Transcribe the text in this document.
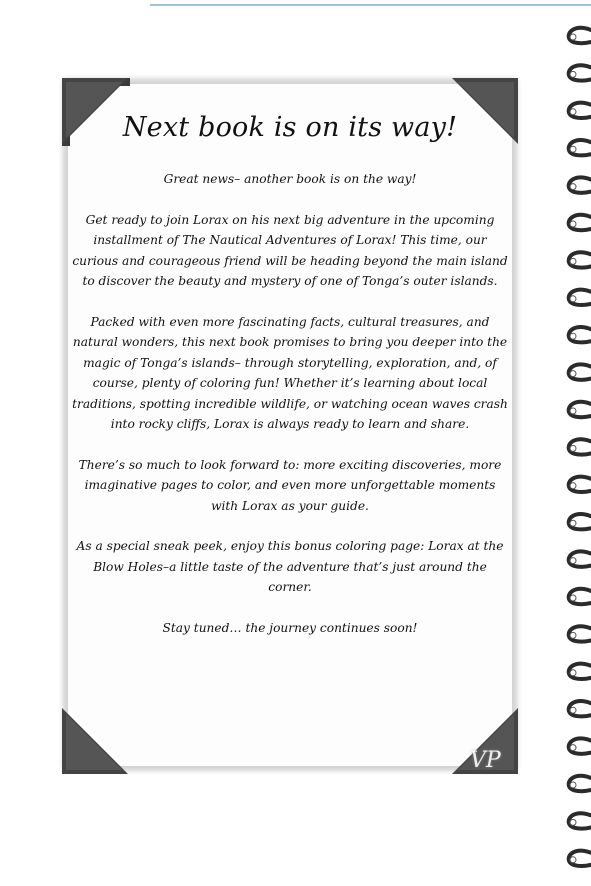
Next book is on its way!

Great news– another book is on the way!

Get ready to join Lorax on his next big adventure in the upcoming installment of The Nautical Adventures of Lorax! This time, our curious and courageous friend will be heading beyond the main island to discover the beauty and mystery of one of Tonga’s outer islands.

Packed with even more fascinating facts, cultural treasures, and natural wonders, this next book promises to bring you deeper into the magic of Tonga’s islands– through storytelling, exploration, and, of course, plenty of coloring fun! Whether it’s learning about local traditions, spotting incredible wildlife, or watching ocean waves crash into rocky cliffs, Lorax is always ready to learn and share.

There’s so much to look forward to: more exciting discoveries, more imaginative pages to color, and even more unforgettable moments with Lorax as your guide.

As a special sneak peek, enjoy this bonus coloring page: Lorax at the Blow Holes–a little taste of the adventure that’s just around the corner.

Stay tuned… the journey continues soon!

VP
